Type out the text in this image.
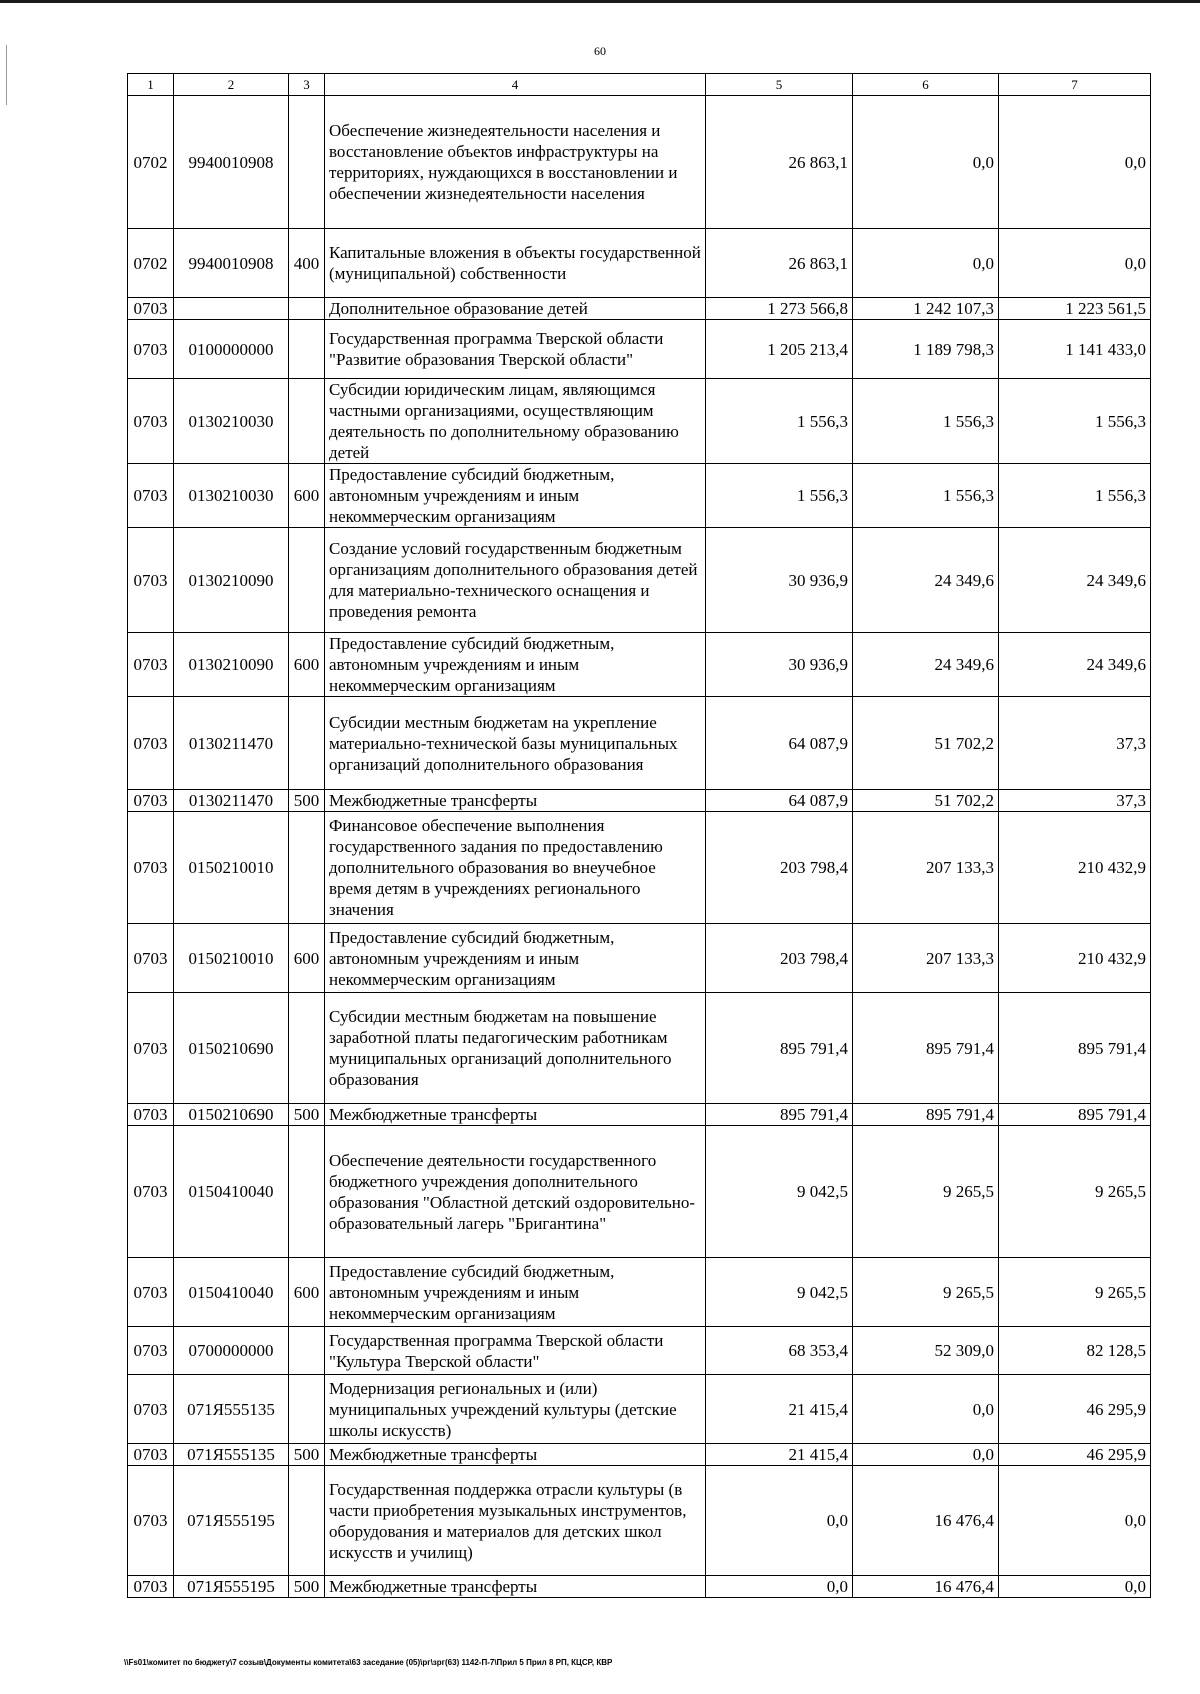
60
1	2	3	4	5	6	7
0702	9940010908		Обеспечение жизнедеятельности населения и восстановление объектов инфраструктуры на территориях, нуждающихся в восстановлении и обеспечении жизнедеятельности населения	26 863,1	0,0	0,0
0702	9940010908	400	Капитальные вложения в объекты государственной (муниципальной) собственности	26 863,1	0,0	0,0
0703			Дополнительное образование детей	1 273 566,8	1 242 107,3	1 223 561,5
0703	0100000000		Государственная программа Тверской области "Развитие образования Тверской области"	1 205 213,4	1 189 798,3	1 141 433,0
0703	0130210030		Субсидии юридическим лицам, являющимся частными организациями, осуществляющим деятельность по дополнительному образованию детей	1 556,3	1 556,3	1 556,3
0703	0130210030	600	Предоставление субсидий бюджетным, автономным учреждениям и иным некоммерческим организациям	1 556,3	1 556,3	1 556,3
0703	0130210090		Создание условий государственным бюджетным организациям дополнительного образования детей для материально-технического оснащения и проведения ремонта	30 936,9	24 349,6	24 349,6
0703	0130210090	600	Предоставление субсидий бюджетным, автономным учреждениям и иным некоммерческим организациям	30 936,9	24 349,6	24 349,6
0703	0130211470		Субсидии местным бюджетам на укрепление материально-технической базы муниципальных организаций дополнительного образования	64 087,9	51 702,2	37,3
0703	0130211470	500	Межбюджетные трансферты	64 087,9	51 702,2	37,3
0703	0150210010		Финансовое обеспечение выполнения государственного задания по предоставлению дополнительного образования во внеучебное время детям в учреждениях регионального значения	203 798,4	207 133,3	210 432,9
0703	0150210010	600	Предоставление субсидий бюджетным, автономным учреждениям и иным некоммерческим организациям	203 798,4	207 133,3	210 432,9
0703	0150210690		Субсидии местным бюджетам на повышение заработной платы педагогическим работникам муниципальных организаций дополнительного образования	895 791,4	895 791,4	895 791,4
0703	0150210690	500	Межбюджетные трансферты	895 791,4	895 791,4	895 791,4
0703	0150410040		Обеспечение деятельности государственного бюджетного учреждения дополнительного образования "Областной детский оздоровительно-образовательный лагерь "Бригантина"	9 042,5	9 265,5	9 265,5
0703	0150410040	600	Предоставление субсидий бюджетным, автономным учреждениям и иным некоммерческим организациям	9 042,5	9 265,5	9 265,5
0703	0700000000		Государственная программа Тверской области "Культура Тверской области"	68 353,4	52 309,0	82 128,5
0703	071Я555135		Модернизация региональных и (или) муниципальных учреждений культуры (детские школы искусств)	21 415,4	0,0	46 295,9
0703	071Я555135	500	Межбюджетные трансферты	21 415,4	0,0	46 295,9
0703	071Я555195		Государственная поддержка отрасли культуры (в части приобретения музыкальных инструментов, оборудования и материалов для детских школ искусств и училищ)	0,0	16 476,4	0,0
0703	071Я555195	500	Межбюджетные трансферты	0,0	16 476,4	0,0
\\Fs01\комитет по бюджету\7 созыв\Документы комитета\63 заседание (05)\рг\зрг(63) 1142-П-7\Прил 5 Прил 8 РП, КЦСР, КВР
